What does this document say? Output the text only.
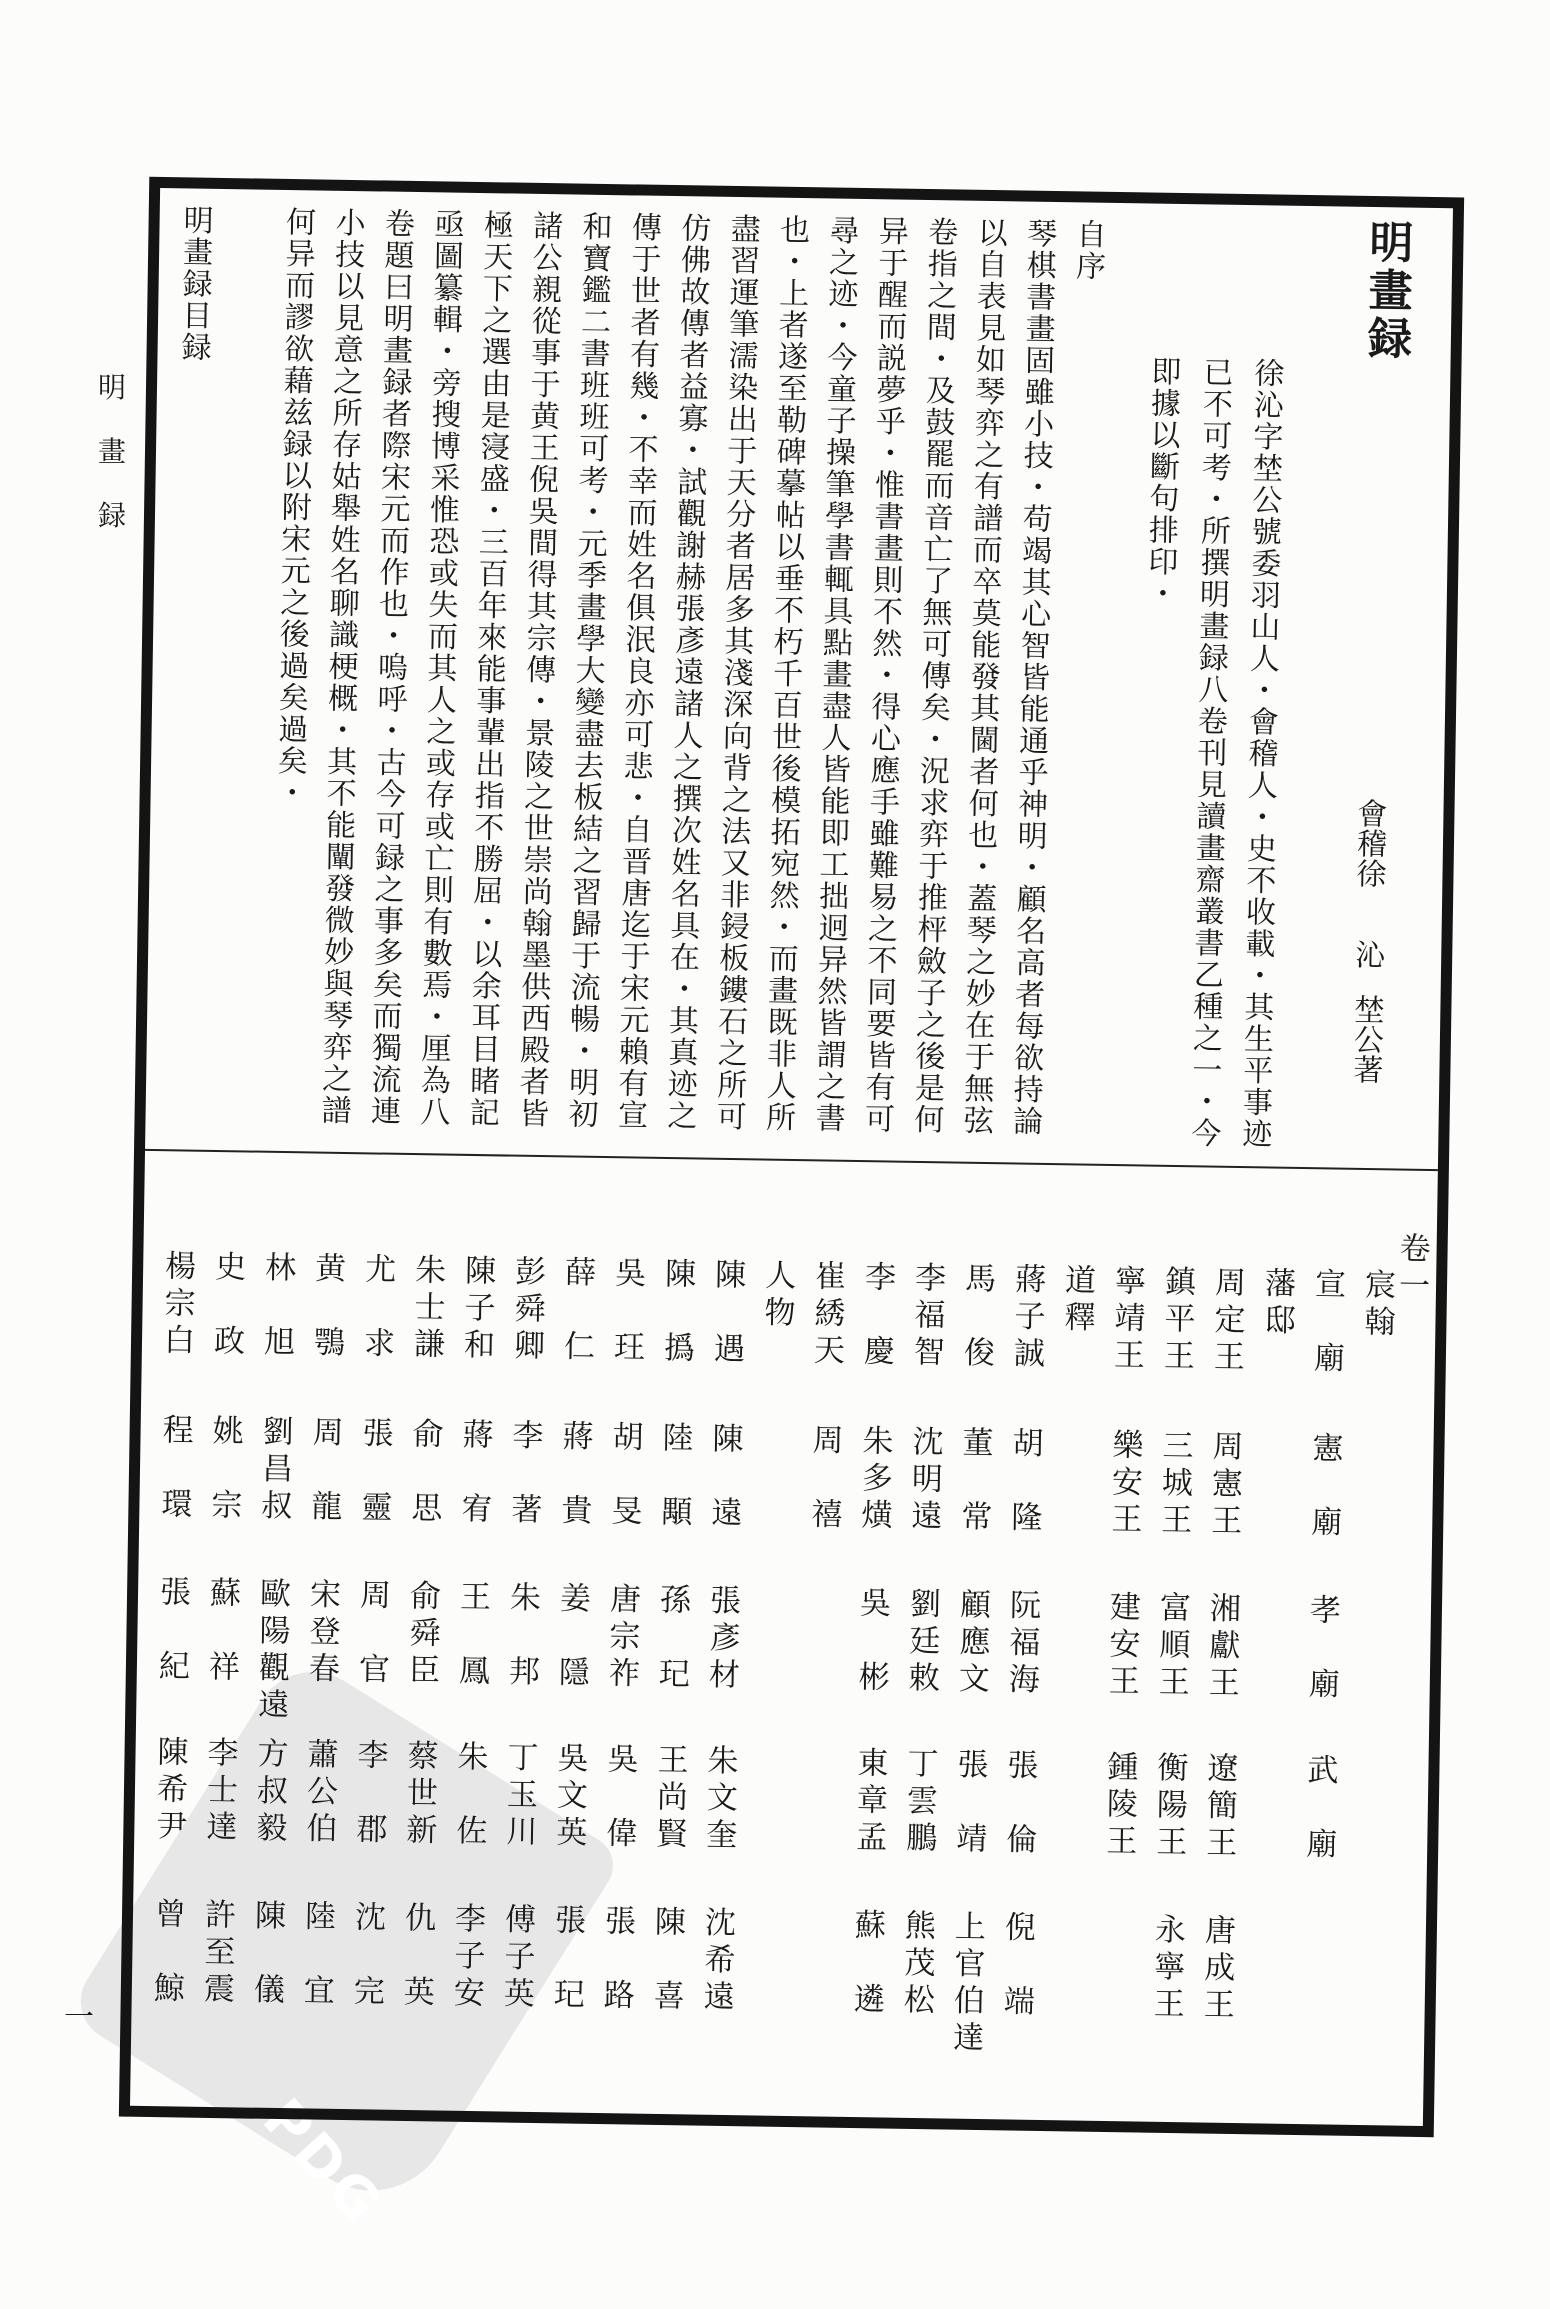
PDG
明
畫
録
一
明畫録
會稽徐
沁
埜公著
徐沁字埜公號委羽山人・會稽人・史不收載・其生平事迹
已不可考・所撰明畫録八卷刊見讀畫齋叢書乙種之一・今
即據以斷句排印・
自序
琴棋書畫固雖小技・苟竭其心智皆能通乎神明・顧名高者每欲持論
以自表見如琴弈之有譜而卒莫能發其閫者何也・蓋琴之妙在于無弦
卷指之間・及鼓罷而音亡了無可傳矣・況求弈于推枰斂子之後是何
异于醒而説夢乎・惟書畫則不然・得心應手雖難易之不同要皆有可
尋之迹・今童子操筆學書輒具點畫盡人皆能即工拙迥异然皆謂之書
也・上者遂至勒碑摹帖以垂不朽千百世後模拓宛然・而畫既非人所
盡習運筆濡染出于天分者居多其淺深向背之法又非鋟板鏤石之所可
仿佛故傳者益寡・試觀謝赫張彥遠諸人之撰次姓名具在・其真迹之
傳于世者有幾・不幸而姓名俱泯良亦可悲・自晋唐迄于宋元賴有宣
和寶鑑二書班班可考・元季畫學大變盡去板結之習歸于流暢・明初
諸公親從事于黄王倪吳間得其宗傳・景陵之世崇尚翰墨供西殿者皆
極天下之選由是寖盛・三百年來能事輩出指不勝屈・以余耳目睹記
亟圖纂輯・旁搜博采惟恐或失而其人之或存或亡則有數焉・厘為八
卷題曰明畫録者際宋元而作也・嗚呼・古今可録之事多矣而獨流連
小技以見意之所存姑舉姓名聊識梗概・其不能闡發微妙與琴弈之譜
何异而謬欲藉兹録以附宋元之後過矣過矣・
明畫録目録
卷一
宸翰
宣廟
憲廟
孝廟
武廟
藩邸
周定王
周憲王
湘獻王
遼簡王
唐成王
鎮平王
三城王
富順王
衡陽王
永寧王
寧靖王
樂安王
建安王
鍾陵王
道釋
蔣子誠
胡隆
阮福海
張倫
倪端
馬俊
董常
顧應文
張靖
上官伯達
李福智
沈明遠
劉廷敕
丁雲鵬
熊茂松
李慶
朱多熿
吳彬
東章孟
蘇遴
崔綉天
周禧
人物
陳遇
陳遠
張彥材
朱文奎
沈希遠
陳撝
陸顒
孫玘
王尚賢
陳喜
吳玨
胡旻
唐宗祚
吳偉
張路
薛仁
蔣貴
姜隱
吳文英
張玘
彭舜卿
李著
朱邦
丁玉川
傅子英
陳子和
蔣宥
王鳳
朱佐
李子安
朱士謙
俞思
俞舜臣
蔡世新
仇英
尤求
張靈
周官
李郡
沈完
黄鶚
周龍
宋登春
蕭公伯
陸宜
林旭
劉昌叔
歐陽觀遠
方叔毅
陳儀
史政
姚宗
蘇祥
李士達
許至震
楊宗白
程環
張紀
陳希尹
曾鯨
